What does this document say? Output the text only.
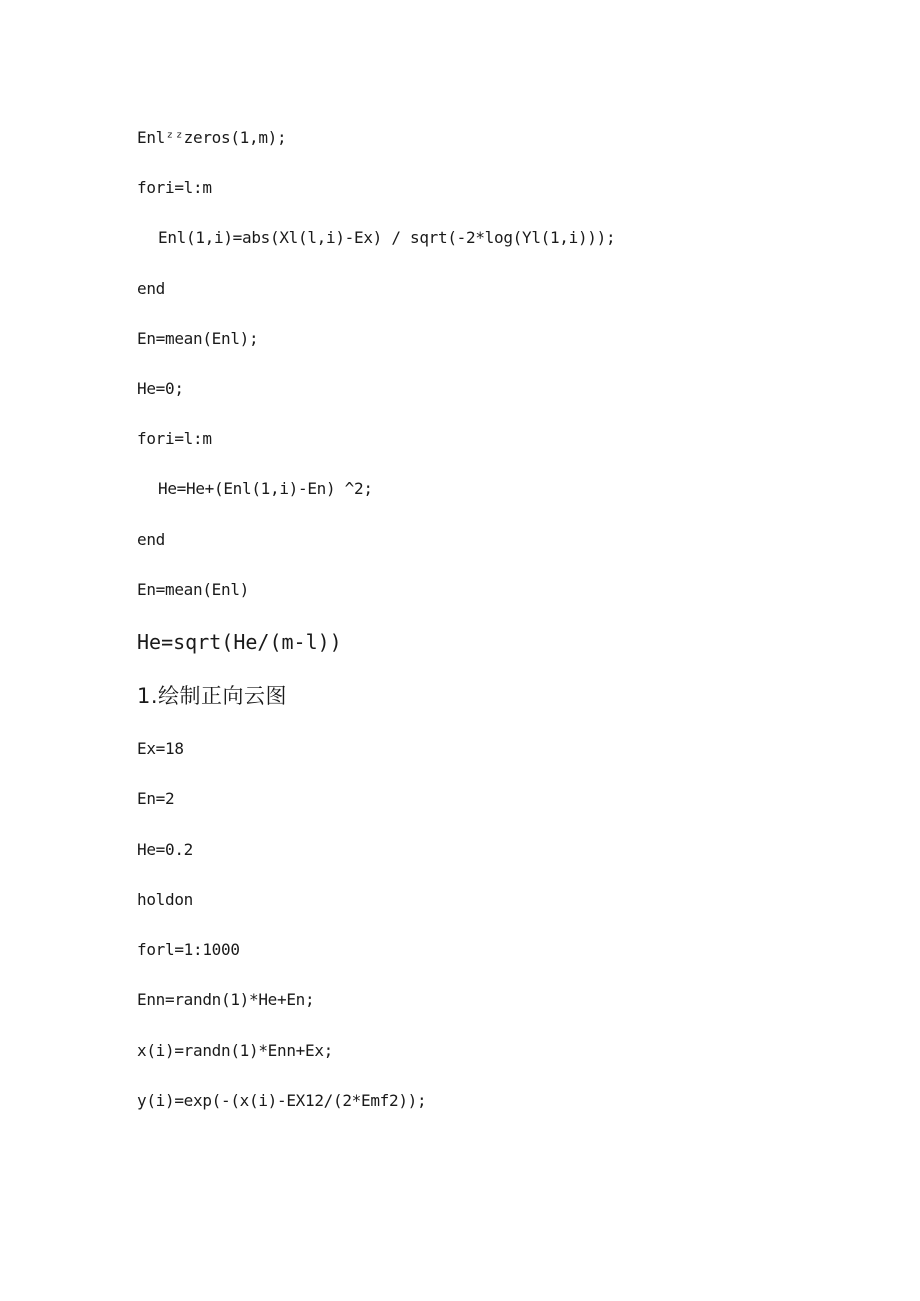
Enlᶻᶻzeros(1,m);
fori=l:m
Enl(1,i)=abs(Xl(l,i)-Ex) / sqrt(-2*log(Yl(1,i)));
end
En=mean(Enl);
He=0;
fori=l:m
He=He+(Enl(1,i)-En) ^2;
end
En=mean(Enl)
He=sqrt(He/(m-l))
1.绘制正向云图
Ex=18
En=2
He=0.2
holdon
forl=1:1000
Enn=randn(1)*He+En;
x(i)=randn(1)*Enn+Ex;
y(i)=exp(-(x(i)-EX12/(2*Emf2));
